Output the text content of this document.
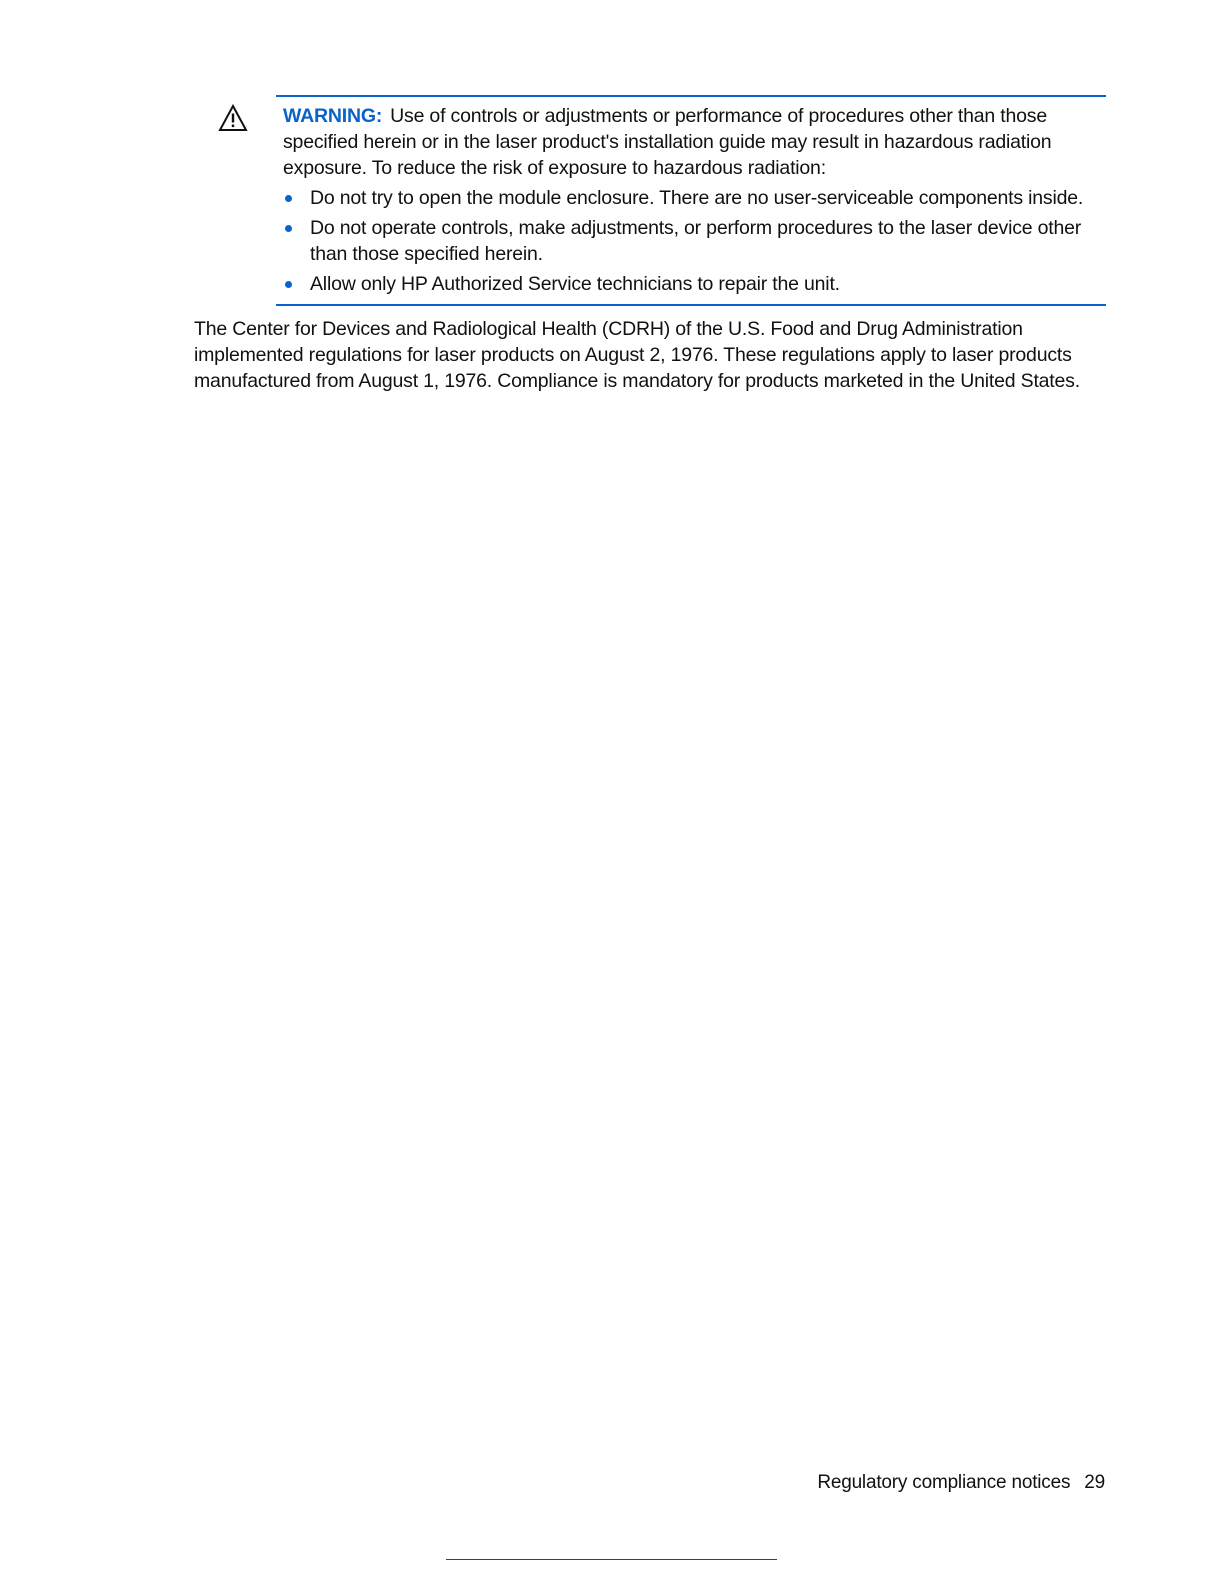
WARNING: Use of controls or adjustments or performance of procedures other than those specified herein or in the laser product's installation guide may result in hazardous radiation exposure. To reduce the risk of exposure to hazardous radiation:

Do not try to open the module enclosure. There are no user-serviceable components inside.
Do not operate controls, make adjustments, or perform procedures to the laser device other than those specified herein.
Allow only HP Authorized Service technicians to repair the unit.

The Center for Devices and Radiological Health (CDRH) of the U.S. Food and Drug Administration implemented regulations for laser products on August 2, 1976. These regulations apply to laser products manufactured from August 1, 1976. Compliance is mandatory for products marketed in the United States.

Regulatory compliance notices 29
